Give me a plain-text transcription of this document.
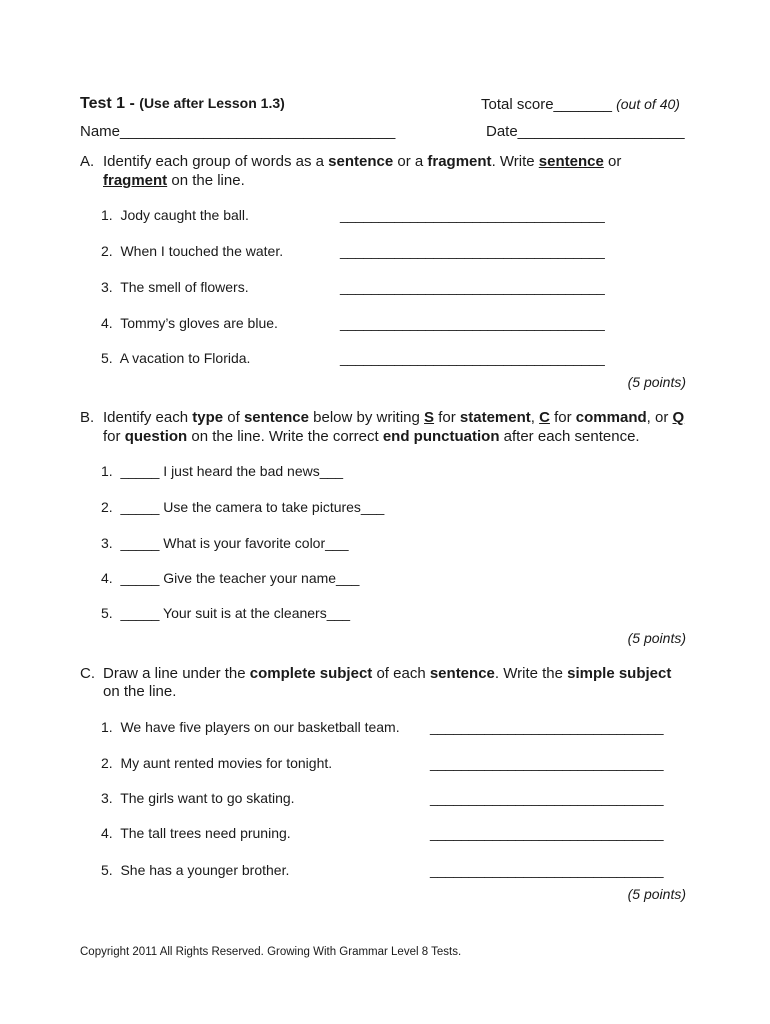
Test 1 - (Use after Lesson 1.3)	Total score_______ (out of 40)
Name_________________________________	Date____________________
A. Identify each group of words as a sentence or a fragment. Write sentence or
fragment on the line.
1. Jody caught the ball.	__________________________________
2. When I touched the water.	__________________________________
3. The smell of flowers.	__________________________________
4. Tommy’s gloves are blue.	__________________________________
5. A vacation to Florida.	__________________________________
(5 points)
B. Identify each type of sentence below by writing S for statement, C for command, or Q
for question on the line. Write the correct end punctuation after each sentence.
1. _____ I just heard the bad news___
2. _____ Use the camera to take pictures___
3. _____ What is your favorite color___
4. _____ Give the teacher your name___
5. _____ Your suit is at the cleaners___
(5 points)
C. Draw a line under the complete subject of each sentence. Write the simple subject
on the line.
1. We have five players on our basketball team. ______________________________
2. My aunt rented movies for tonight.	______________________________
3. The girls want to go skating.	______________________________
4. The tall trees need pruning.	______________________________
5. She has a younger brother.	______________________________
(5 points)
Copyright 2011 All Rights Reserved. Growing With Grammar Level 8 Tests.
